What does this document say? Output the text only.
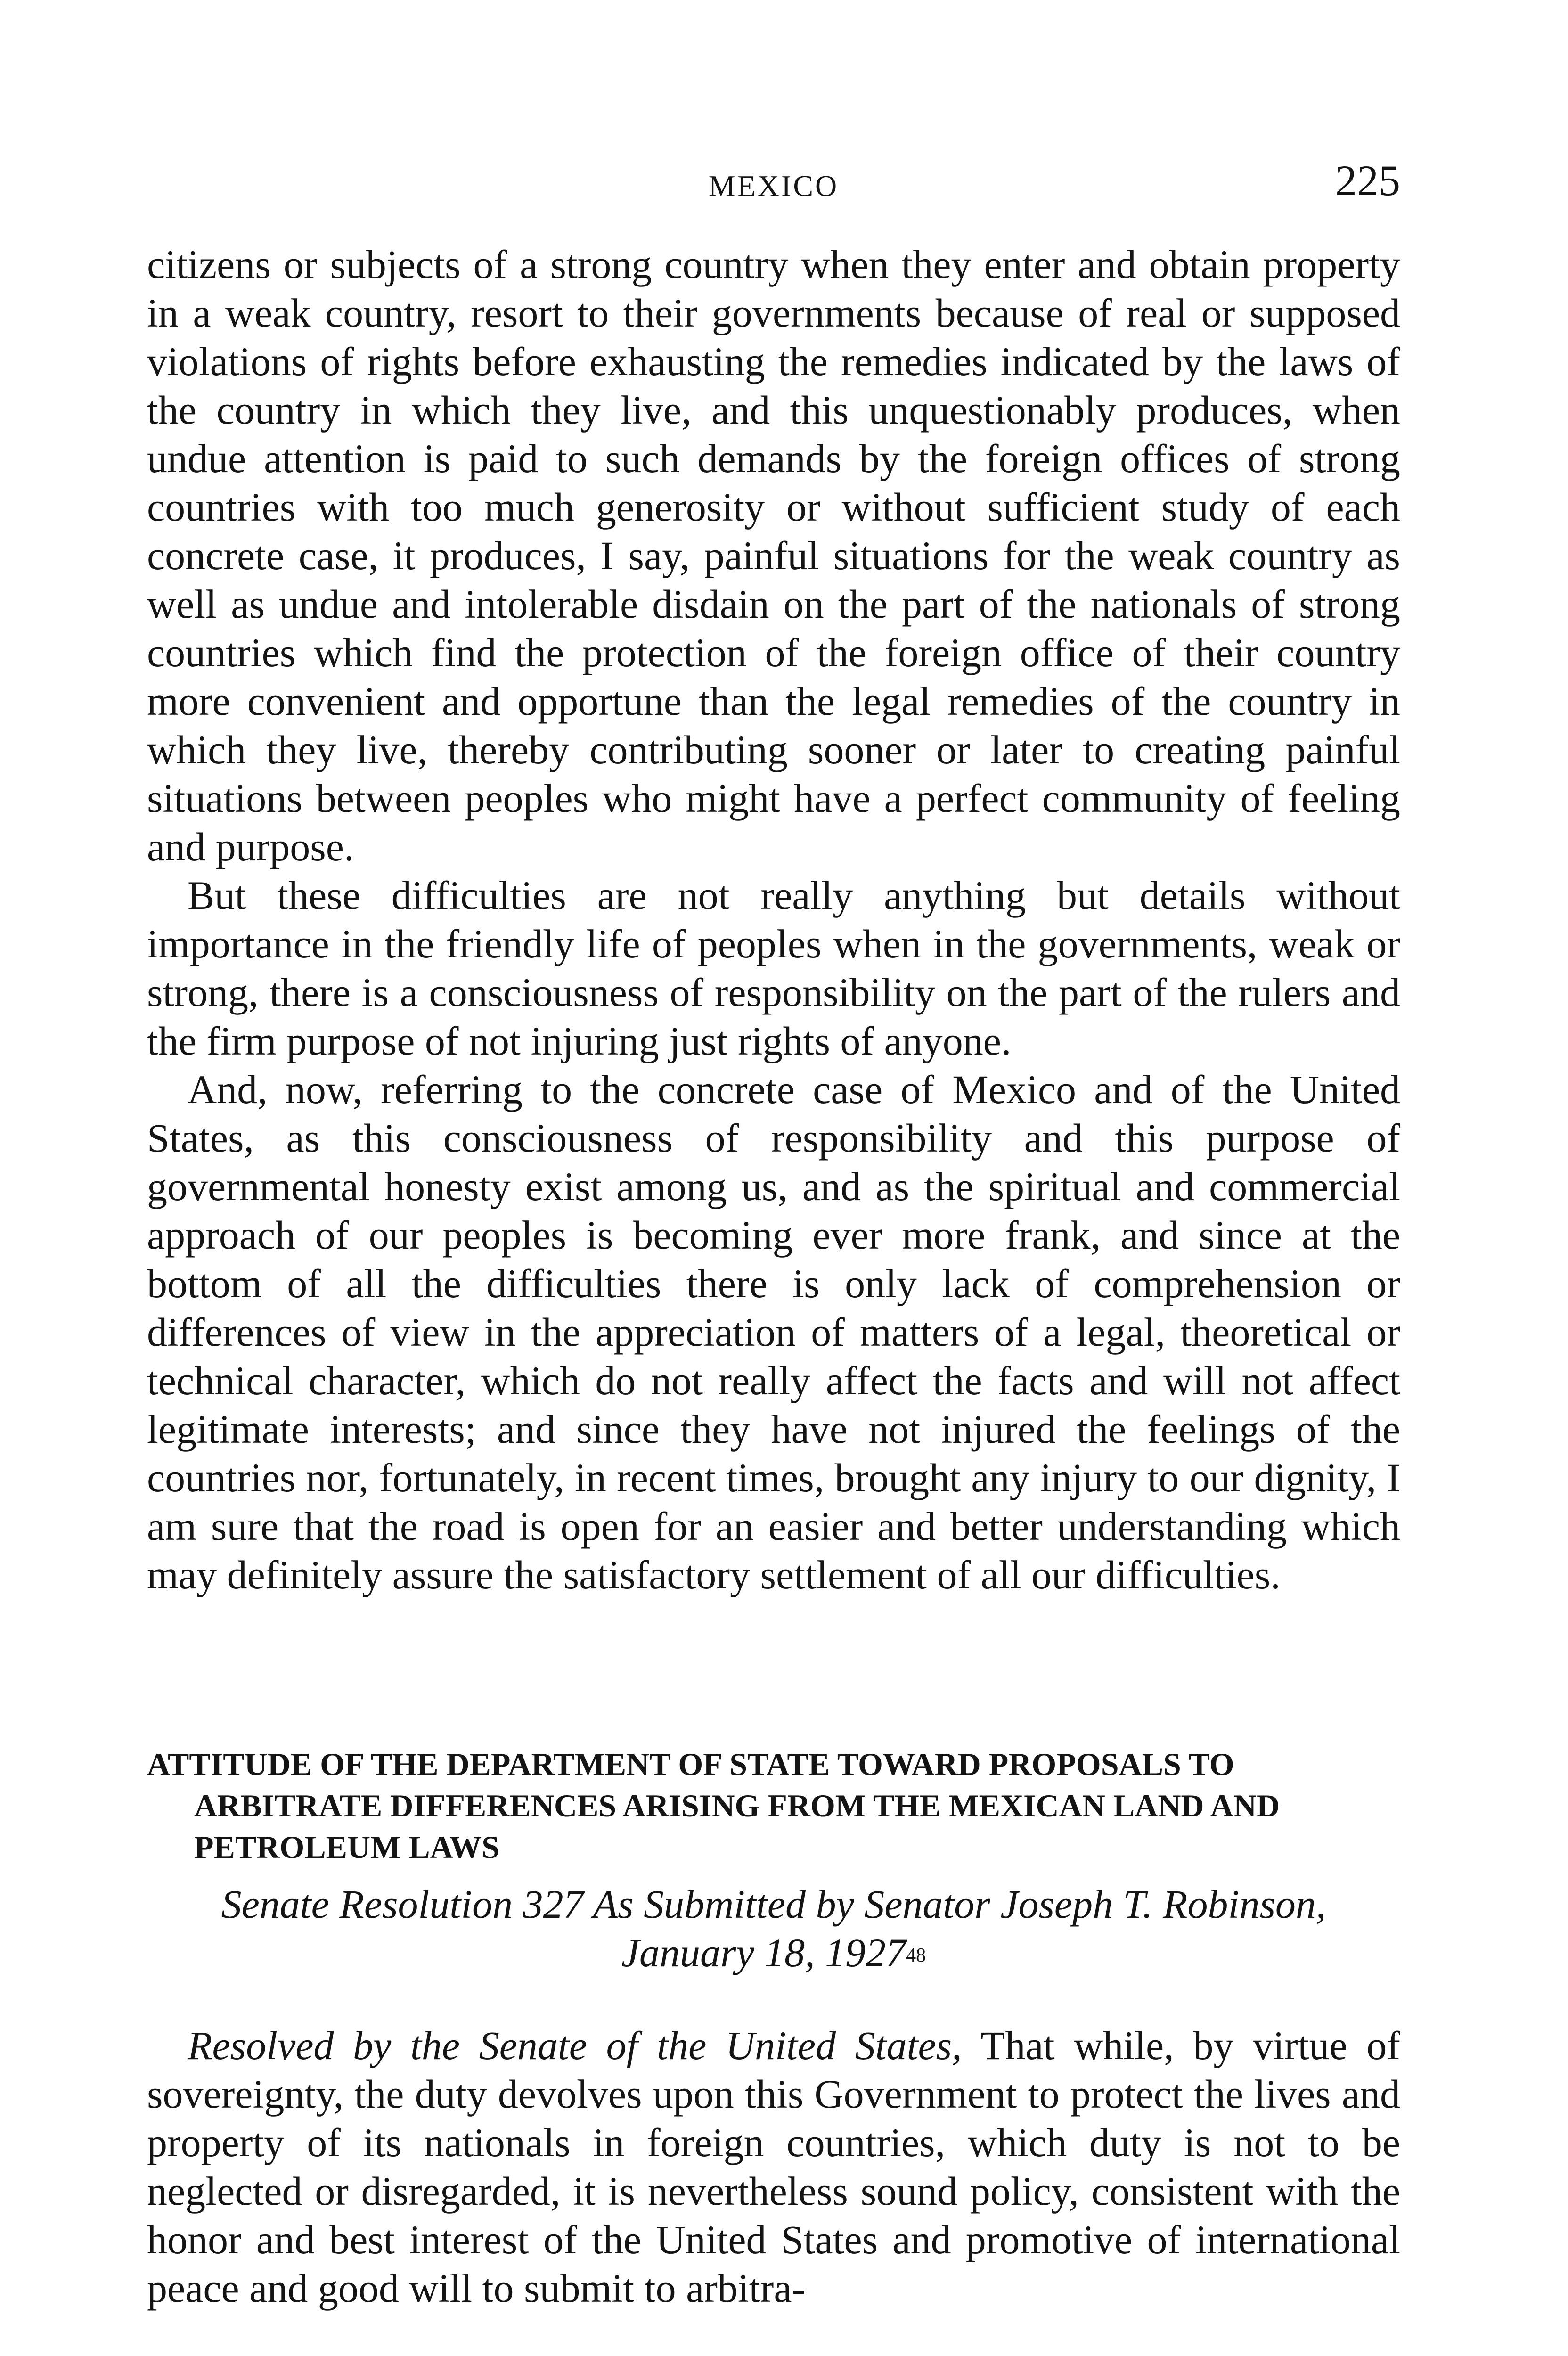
MEXICO	225

citizens or subjects of a strong country when they enter and obtain property in a weak country, resort to their governments because of real or supposed violations of rights before exhausting the remedies indicated by the laws of the country in which they live, and this unquestionably produces, when undue attention is paid to such demands by the foreign offices of strong countries with too much generosity or without sufficient study of each concrete case, it produces, I say, painful situations for the weak country as well as undue and intolerable disdain on the part of the nationals of strong countries which find the protection of the foreign office of their country more convenient and opportune than the legal remedies of the country in which they live, thereby contributing sooner or later to creating painful situations between peoples who might have a perfect community of feeling and purpose.

But these difficulties are not really anything but details without importance in the friendly life of peoples when in the governments, weak or strong, there is a consciousness of responsibility on the part of the rulers and the firm purpose of not injuring just rights of anyone.

And, now, referring to the concrete case of Mexico and of the United States, as this consciousness of responsibility and this purpose of governmental honesty exist among us, and as the spiritual and commercial approach of our peoples is becoming ever more frank, and since at the bottom of all the difficulties there is only lack of comprehension or differences of view in the appreciation of matters of a legal, theoretical or technical character, which do not really affect the facts and will not affect legitimate interests; and since they have not injured the feelings of the countries nor, fortunately, in recent times, brought any injury to our dignity, I am sure that the road is open for an easier and better understanding which may definitely assure the satisfactory settlement of all our difficulties.

ATTITUDE OF THE DEPARTMENT OF STATE TOWARD PROPOSALS TO ARBITRATE DIFFERENCES ARISING FROM THE MEXICAN LAND AND PETROLEUM LAWS
Senate Resolution 327 As Submitted by Senator Joseph T. Robinson,
January 18, 1927$^{48}$

Resolved by the Senate of the United States, That while, by virtue of sovereignty, the duty devolves upon this Government to protect the lives and property of its nationals in foreign countries, which duty is not to be neglected or disregarded, it is nevertheless sound policy, consistent with the honor and best interest of the United States and promotive of international peace and good will to submit to arbitra-
